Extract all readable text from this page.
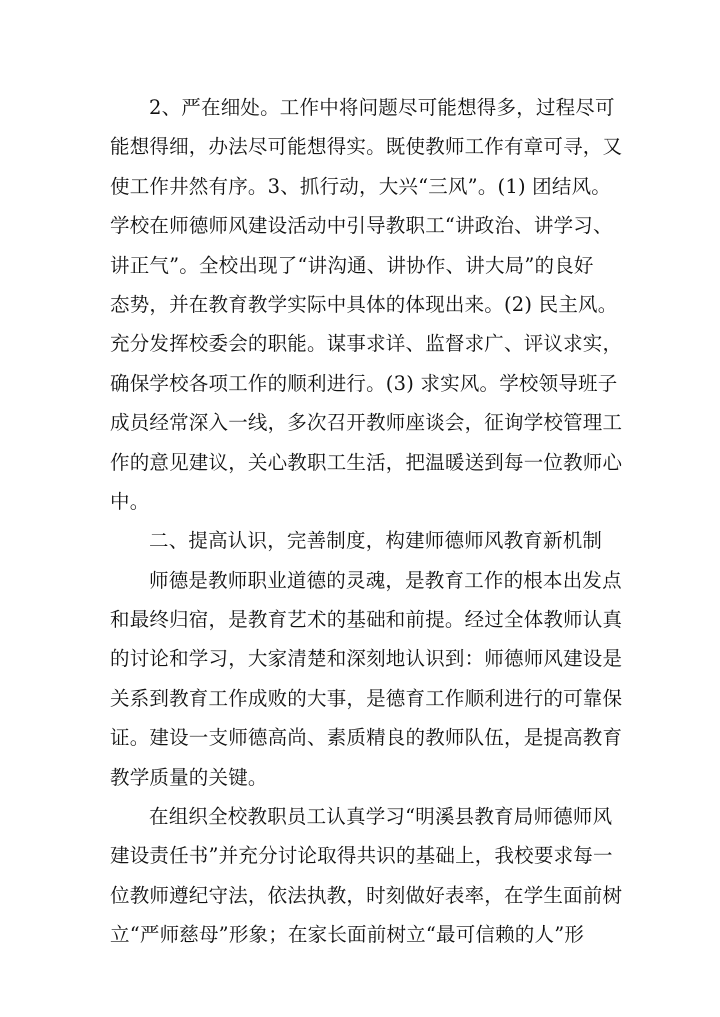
2、严在细处。工作中将问题尽可能想得多，过程尽可
能想得细，办法尽可能想得实。既使教师工作有章可寻，又
使工作井然有序。3、抓行动，大兴“三风”。(1) 团结风。
学校在师德师风建设活动中引导教职工“讲政治、讲学习、
讲正气”。全校出现了“讲沟通、讲协作、讲大局”的良好
态势，并在教育教学实际中具体的体现出来。(2) 民主风。
充分发挥校委会的职能。谋事求详、监督求广、评议求实，
确保学校各项工作的顺利进行。(3) 求实风。学校领导班子
成员经常深入一线，多次召开教师座谈会，征询学校管理工
作的意见建议，关心教职工生活，把温暖送到每一位教师心
中。
二、提高认识，完善制度，构建师德师风教育新机制
师德是教师职业道德的灵魂，是教育工作的根本出发点
和最终归宿，是教育艺术的基础和前提。经过全体教师认真
的讨论和学习，大家清楚和深刻地认识到：师德师风建设是
关系到教育工作成败的大事，是德育工作顺利进行的可靠保
证。建设一支师德高尚、素质精良的教师队伍，是提高教育
教学质量的关键。
在组织全校教职员工认真学习“明溪县教育局师德师风
建设责任书”并充分讨论取得共识的基础上，我校要求每一
位教师遵纪守法，依法执教，时刻做好表率，在学生面前树
立“严师慈母”形象；在家长面前树立“最可信赖的人”形
